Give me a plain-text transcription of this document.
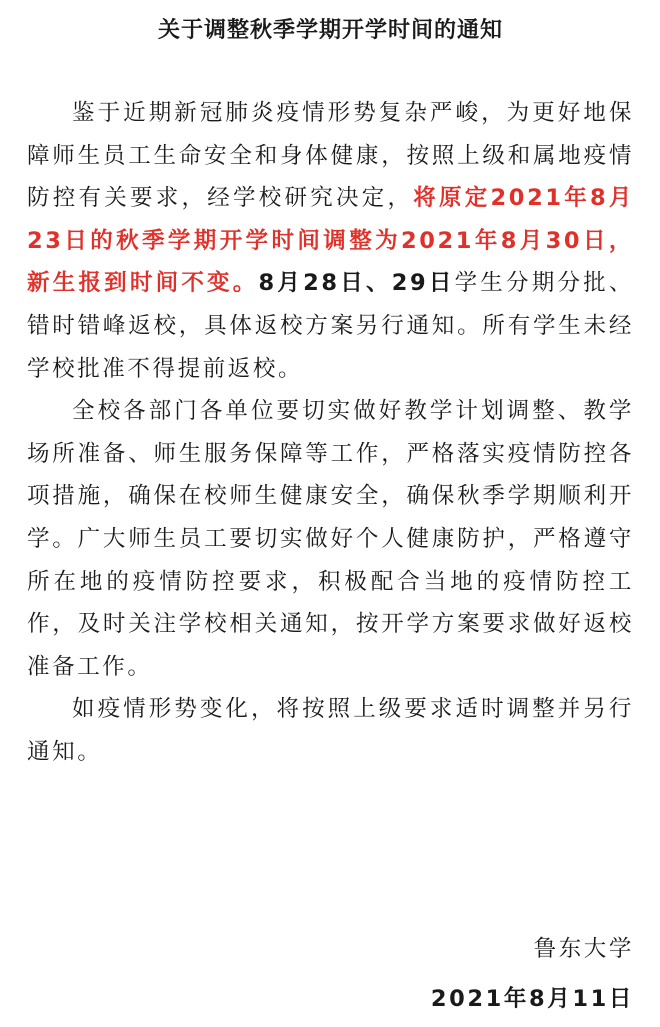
关于调整秋季学期开学时间的通知

鉴于近期新冠肺炎疫情形势复杂严峻，为更好地保障师生员工生命安全和身体健康，按照上级和属地疫情防控有关要求，经学校研究决定，将原定2021年8月23日的秋季学期开学时间调整为2021年8月30日，新生报到时间不变。8月28日、29日学生分期分批、错时错峰返校，具体返校方案另行通知。所有学生未经学校批准不得提前返校。

全校各部门各单位要切实做好教学计划调整、教学场所准备、师生服务保障等工作，严格落实疫情防控各项措施，确保在校师生健康安全，确保秋季学期顺利开学。广大师生员工要切实做好个人健康防护，严格遵守所在地的疫情防控要求，积极配合当地的疫情防控工作，及时关注学校相关通知，按开学方案要求做好返校准备工作。

如疫情形势变化，将按照上级要求适时调整并另行通知。

鲁东大学
2021年8月11日
